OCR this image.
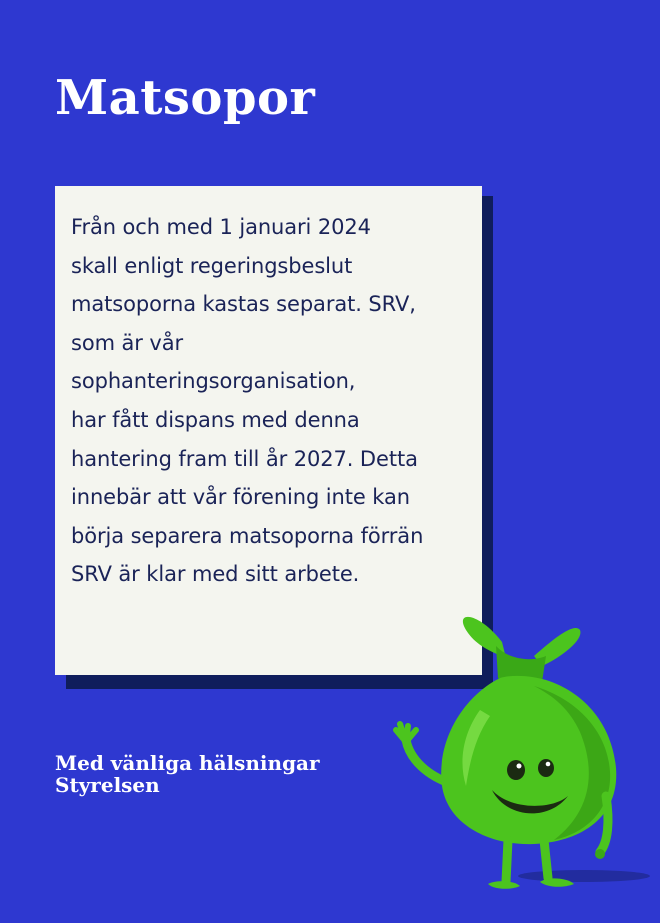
Matsopor

Från och med 1 januari 2024
skall enligt regeringsbeslut
matsoporna kastas separat. SRV,
som är vår
sophanteringsorganisation,
har fått dispans med denna
hantering fram till år 2027. Detta
innebär att vår förening inte kan
börja separera matsoporna förrän
SRV är klar med sitt arbete.

Med vänliga hälsningar
Styrelsen
